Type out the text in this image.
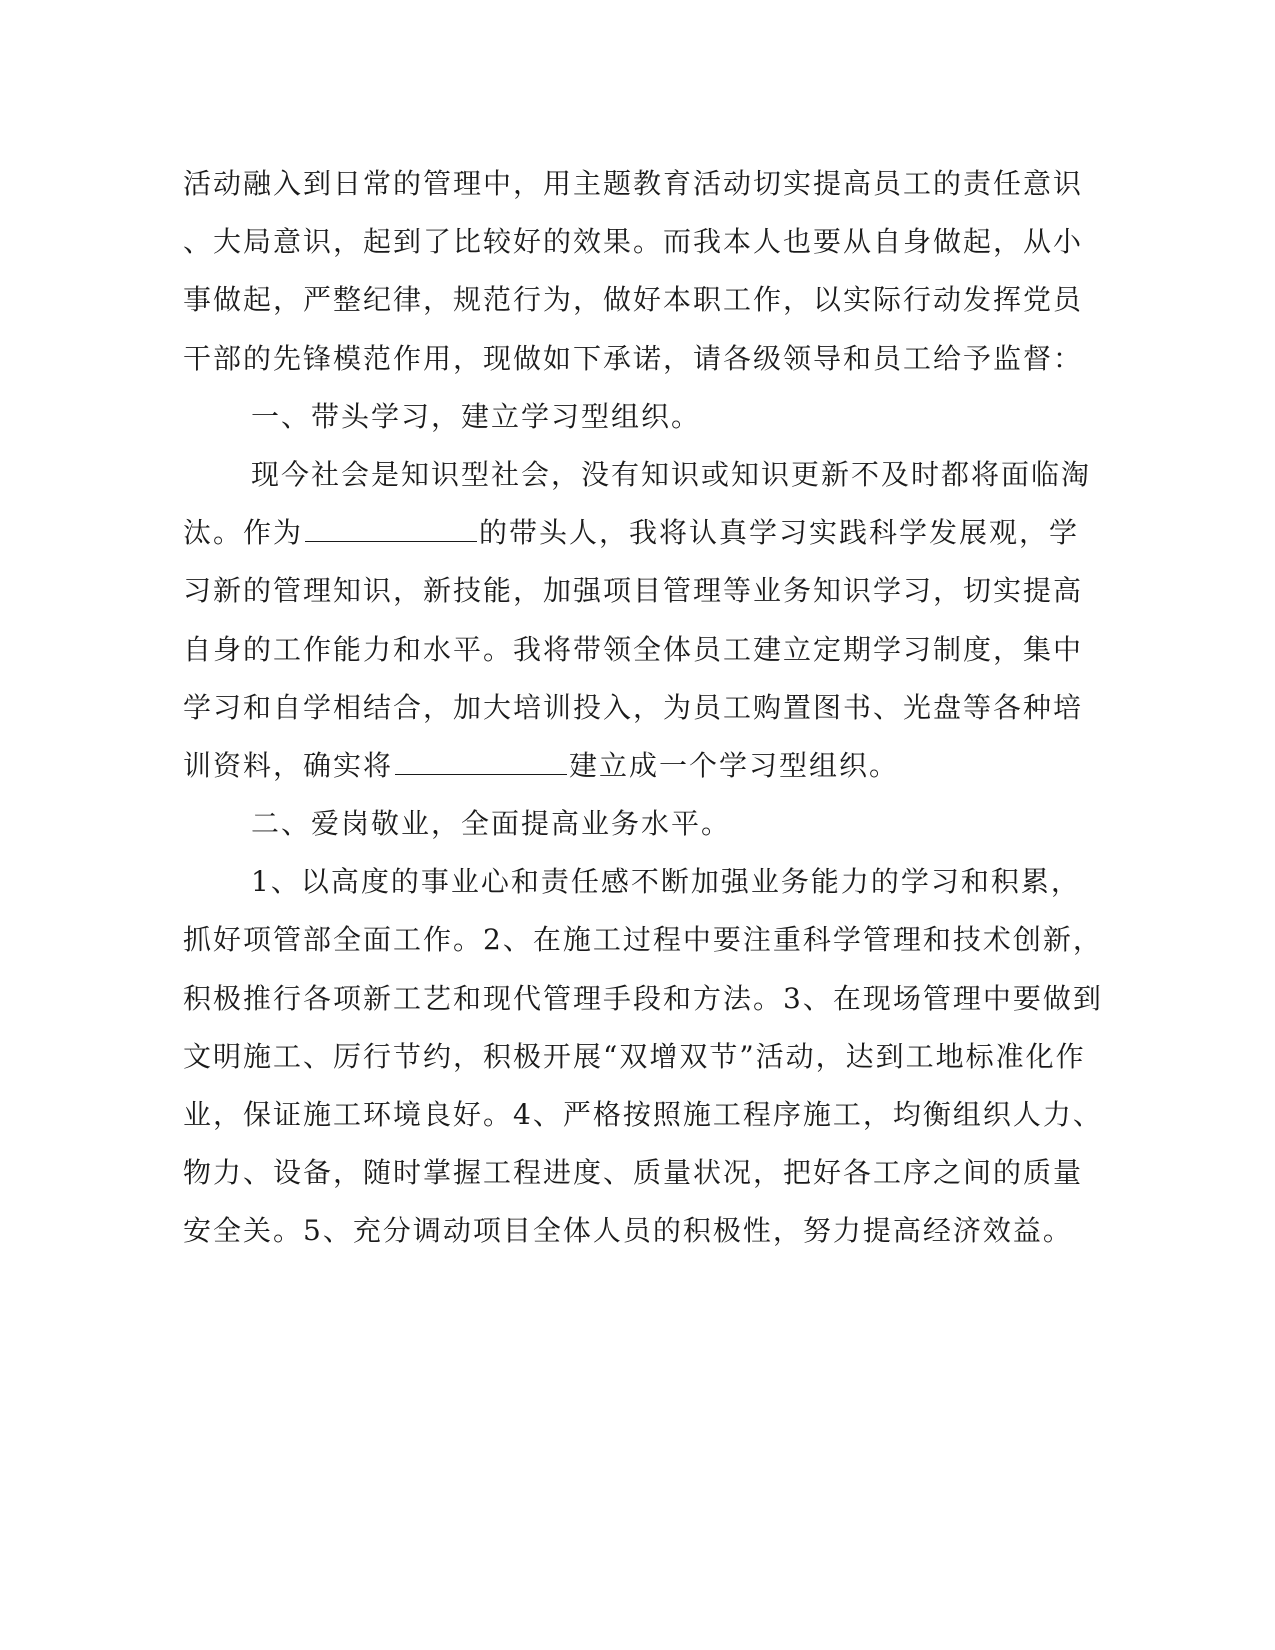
活动融入到日常的管理中，用主题教育活动切实提高员工的责任意识
、大局意识，起到了比较好的效果。而我本人也要从自身做起，从小
事做起，严整纪律，规范行为，做好本职工作，以实际行动发挥党员
干部的先锋模范作用，现做如下承诺，请各级领导和员工给予监督：
一、带头学习，建立学习型组织。
现今社会是知识型社会，没有知识或知识更新不及时都将面临淘
汰。作为	的带头人，我将认真学习实践科学发展观，学
习新的管理知识，新技能，加强项目管理等业务知识学习，切实提高
自身的工作能力和水平。我将带领全体员工建立定期学习制度，集中
学习和自学相结合，加大培训投入，为员工购置图书、光盘等各种培
训资料，确实将	建立成一个学习型组织。
二、爱岗敬业，全面提高业务水平。
1、以高度的事业心和责任感不断加强业务能力的学习和积累，
抓好项管部全面工作。2、在施工过程中要注重科学管理和技术创新，
积极推行各项新工艺和现代管理手段和方法。3、在现场管理中要做到
文明施工、厉行节约，积极开展“双增双节”活动，达到工地标准化作
业，保证施工环境良好。4、严格按照施工程序施工，均衡组织人力、
物力、设备，随时掌握工程进度、质量状况，把好各工序之间的质量
安全关。5、充分调动项目全体人员的积极性，努力提高经济效益。
